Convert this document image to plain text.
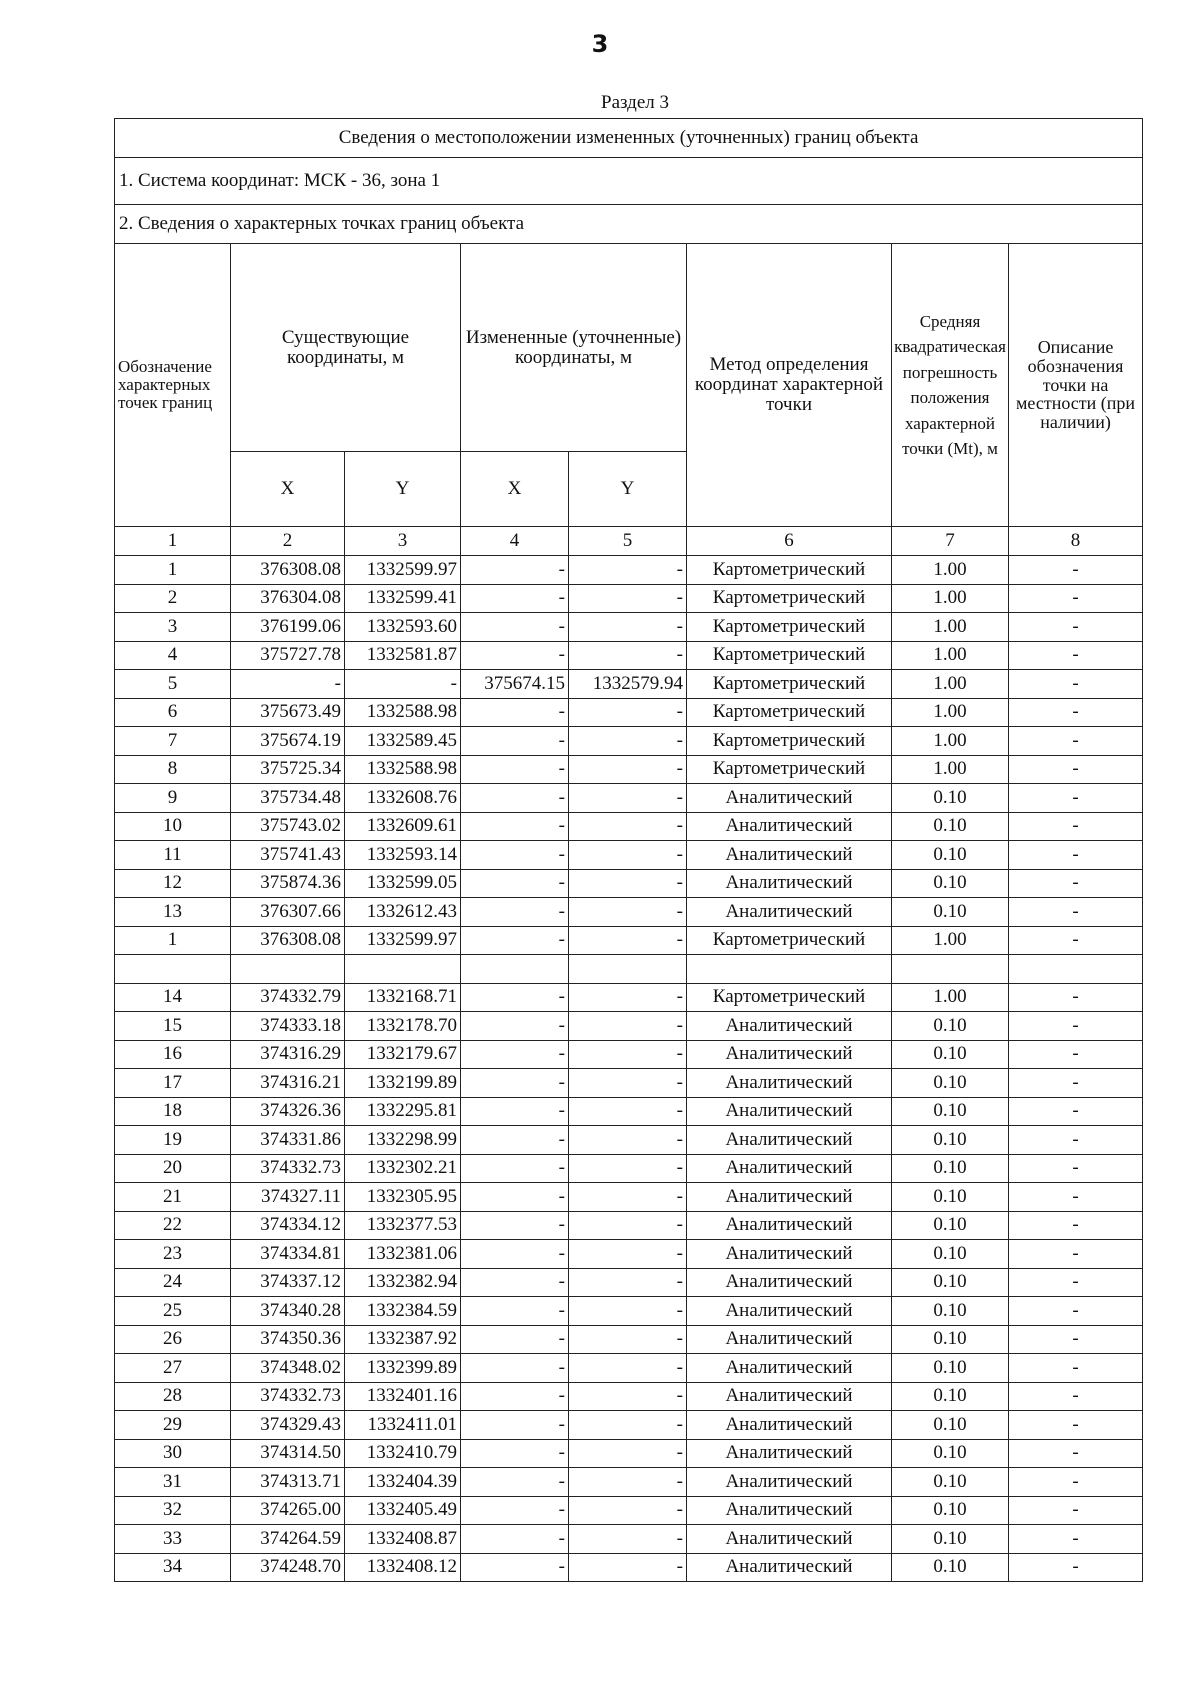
3
Раздел 3
Сведения о местоположении измененных (уточненных) границ объекта							
1. Система координат: МСК - 36, зона 1							
2. Сведения о характерных точках границ объекта							
Обозначение характерных точек границ	Существующие координаты, м		Измененные (уточненные) координаты, м		Метод определения координат характерной точки	Средняя квадратическая погрешность положения характерной точки (Mt), м	Описание обозначения точки на местности (при наличии)
	X	Y	X	Y			
1	2	3	4	5	6	7	8
1	376308.08	1332599.97	-	-	Картометрический	1.00	-
2	376304.08	1332599.41	-	-	Картометрический	1.00	-
3	376199.06	1332593.60	-	-	Картометрический	1.00	-
4	375727.78	1332581.87	-	-	Картометрический	1.00	-
5	-	-	375674.15	1332579.94	Картометрический	1.00	-
6	375673.49	1332588.98	-	-	Картометрический	1.00	-
7	375674.19	1332589.45	-	-	Картометрический	1.00	-
8	375725.34	1332588.98	-	-	Картометрический	1.00	-
9	375734.48	1332608.76	-	-	Аналитический	0.10	-
10	375743.02	1332609.61	-	-	Аналитический	0.10	-
11	375741.43	1332593.14	-	-	Аналитический	0.10	-
12	375874.36	1332599.05	-	-	Аналитический	0.10	-
13	376307.66	1332612.43	-	-	Аналитический	0.10	-
1	376308.08	1332599.97	-	-	Картометрический	1.00	-

14	374332.79	1332168.71	-	-	Картометрический	1.00	-
15	374333.18	1332178.70	-	-	Аналитический	0.10	-
16	374316.29	1332179.67	-	-	Аналитический	0.10	-
17	374316.21	1332199.89	-	-	Аналитический	0.10	-
18	374326.36	1332295.81	-	-	Аналитический	0.10	-
19	374331.86	1332298.99	-	-	Аналитический	0.10	-
20	374332.73	1332302.21	-	-	Аналитический	0.10	-
21	374327.11	1332305.95	-	-	Аналитический	0.10	-
22	374334.12	1332377.53	-	-	Аналитический	0.10	-
23	374334.81	1332381.06	-	-	Аналитический	0.10	-
24	374337.12	1332382.94	-	-	Аналитический	0.10	-
25	374340.28	1332384.59	-	-	Аналитический	0.10	-
26	374350.36	1332387.92	-	-	Аналитический	0.10	-
27	374348.02	1332399.89	-	-	Аналитический	0.10	-
28	374332.73	1332401.16	-	-	Аналитический	0.10	-
29	374329.43	1332411.01	-	-	Аналитический	0.10	-
30	374314.50	1332410.79	-	-	Аналитический	0.10	-
31	374313.71	1332404.39	-	-	Аналитический	0.10	-
32	374265.00	1332405.49	-	-	Аналитический	0.10	-
33	374264.59	1332408.87	-	-	Аналитический	0.10	-
34	374248.70	1332408.12	-	-	Аналитический	0.10	-
